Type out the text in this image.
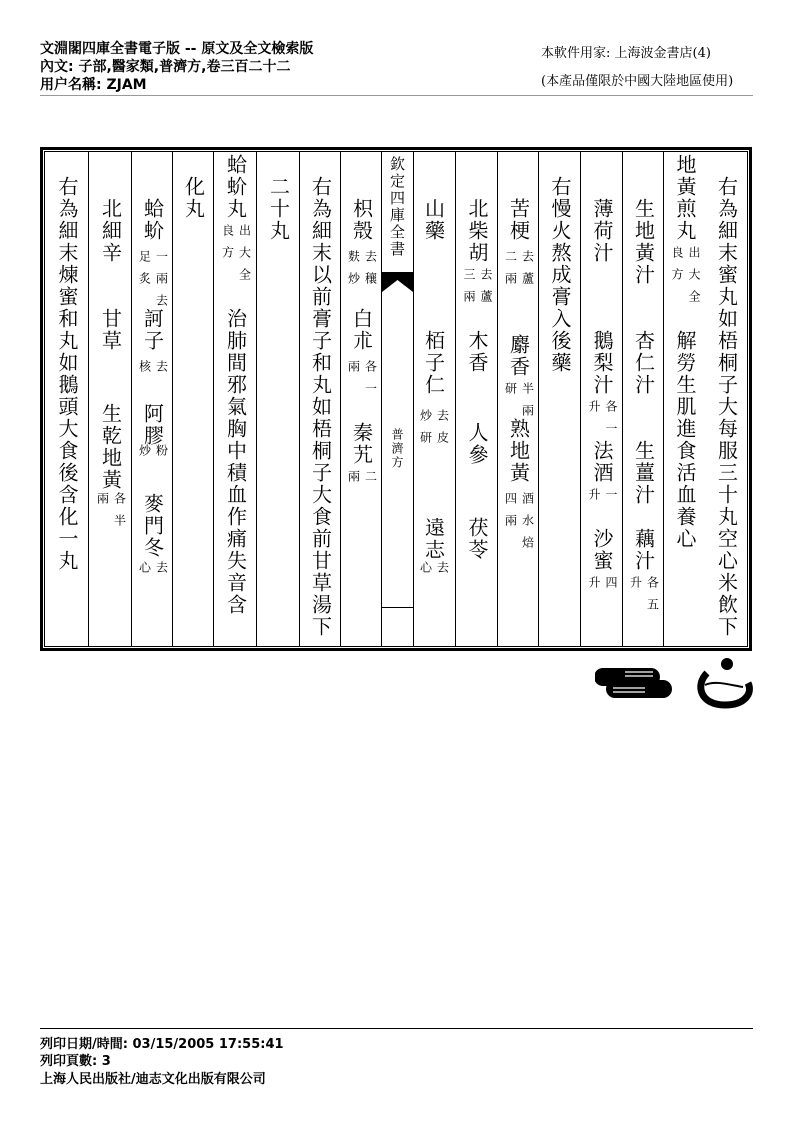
文淵閣四庫全書電子版 -- 原文及全文檢索版
內文: 子部,醫家類,普濟方,卷三百二十二
用户名稱: ZJAM
本軟件用家: 上海波金書店(4)
(本產品僅限於中國大陸地區使用)
右為細末蜜丸如梧桐子大每服三十丸空心米飲下
地黃煎丸
出大全
良方
解勞生肌進食活血養心
生地黃汁
杏仁汁
生薑汁
藕汁
各五
升
薄荷汁
鵝梨汁
各一
升
法酒
一
升
沙蜜
四
升
右慢火熬成膏入後藥
苦梗
去蘆
二兩
麝香
半兩
研
熟地黃
酒水焙
四兩
北柴胡
去蘆
三兩
木香
人參
茯苓
山藥
栢子仁
去皮
炒研
遠志
去
心
枳殼
去穰
麩炒
白朮
各一
兩
秦艽
二
兩
右為細末以前膏子和丸如梧桐子大食前甘草湯下
二十丸
蛤蚧丸
出大全
良方
治肺間邪氣胸中積血作痛失音含
化丸
蛤蚧
一兩去
足炙
訶子
去
核
阿膠
粉
炒
麥門冬
去
心
北細辛
甘草
生乾地黃
各半
兩
右為細末煉蜜和丸如鵝頭大食後含化一丸	欽定四庫全書
普濟方
列印日期/時間: 03/15/2005 17:55:41
列印頁數: 3
上海人民出版社/迪志文化出版有限公司
